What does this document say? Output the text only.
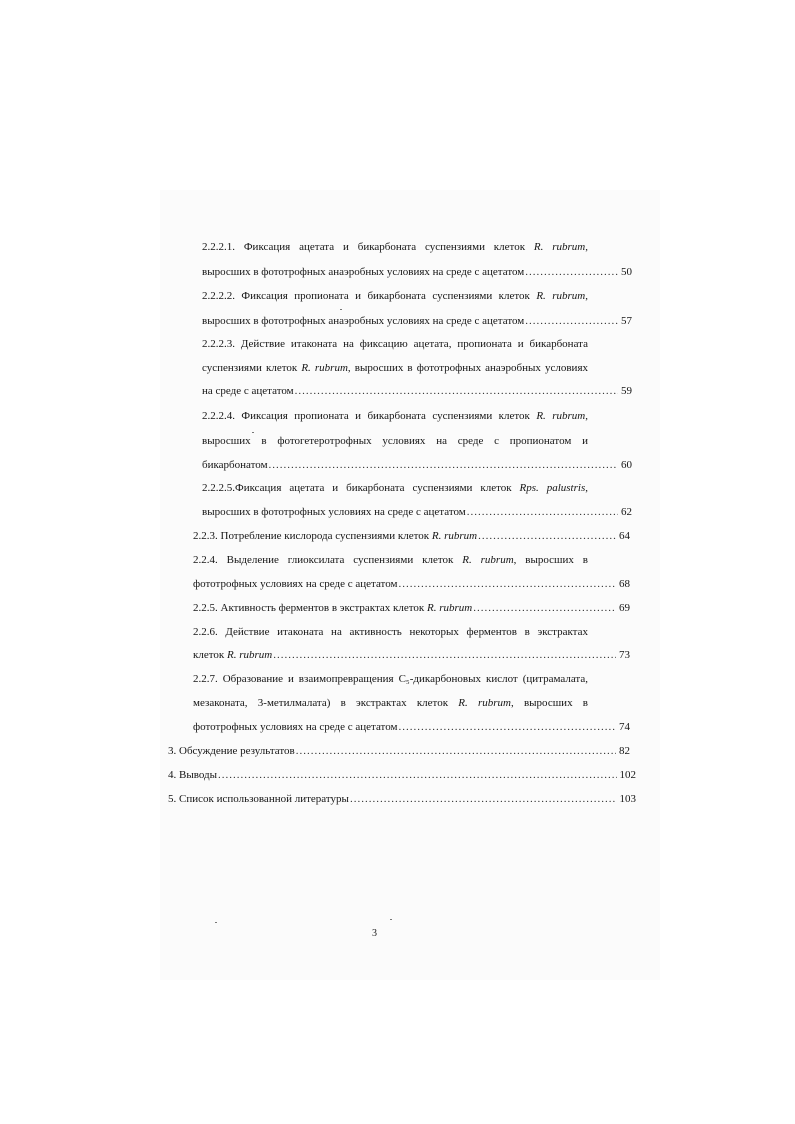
2.2.2.1. Фиксация ацетата и бикарбоната суспензиями клеток R. rubrum,
выросших в фототрофных анаэробных условиях на среде с ацетатом .....	50
2.2.2.2. Фиксация пропионата и бикарбоната суспензиями клеток R. rubrum,
выросших в фототрофных анаэробных условиях на среде с ацетатом .....	57
2.2.2.3. Действие итаконата на фиксацию ацетата, пропионата и бикарбоната
суспензиями клеток R. rubrum, выросших в фототрофных анаэробных условиях
на среде с ацетатом .....	59
2.2.2.4. Фиксация пропионата и бикарбоната суспензиями клеток R. rubrum,
выросших в фотогетеротрофных условиях на среде с пропионатом и
бикарбонатом .....	60
2.2.2.5.Фиксация ацетата и бикарбоната суспензиями клеток Rps. palustris,
выросших в фототрофных условиях на среде с ацетатом .....	62
2.2.3. Потребление кислорода суспензиями клеток R. rubrum .....	64
2.2.4. Выделение глиоксилата суспензиями клеток R. rubrum, выросших в
фототрофных условиях на среде с ацетатом .....	68
2.2.5. Активность ферментов в экстрактах клеток R. rubrum .....	69
2.2.6. Действие итаконата на активность некоторых ферментов в экстрактах
клеток R. rubrum .....	73
2.2.7. Образование и взаимопревращения С₅-дикарбоновых кислот (цитрамалата,
мезаконата, 3-метилмалата) в экстрактах клеток R. rubrum, выросших в
фототрофных условиях на среде с ацетатом .....	74
3. Обсуждение результатов .....	82
4. Выводы .....	102
5. Список использованной литературы .....	103
3
